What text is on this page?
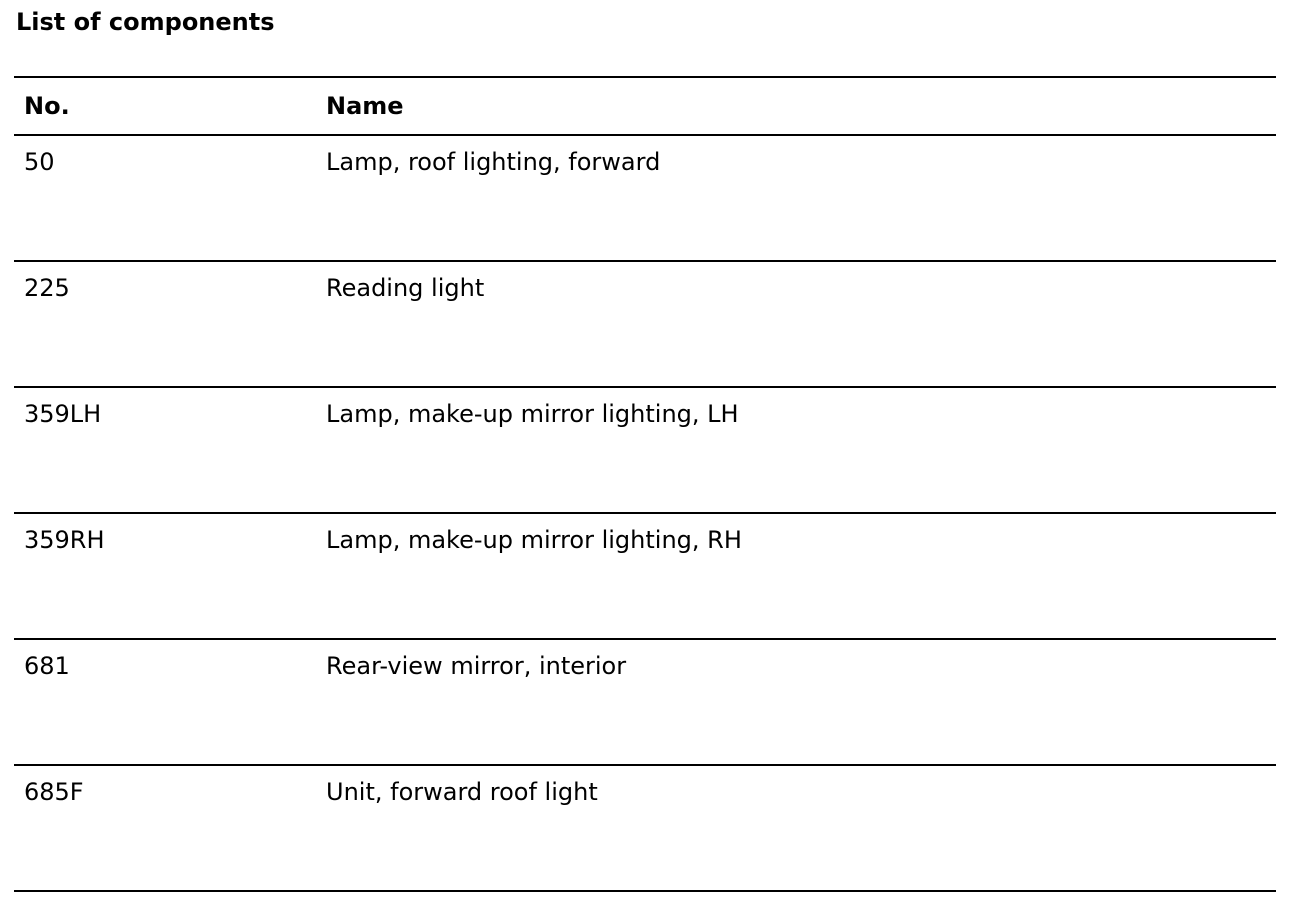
List of components
No.	Name
50	Lamp, roof lighting, forward
225	Reading light
359LH	Lamp, make-up mirror lighting, LH
359RH	Lamp, make-up mirror lighting, RH
681	Rear-view mirror, interior
685F	Unit, forward roof light
